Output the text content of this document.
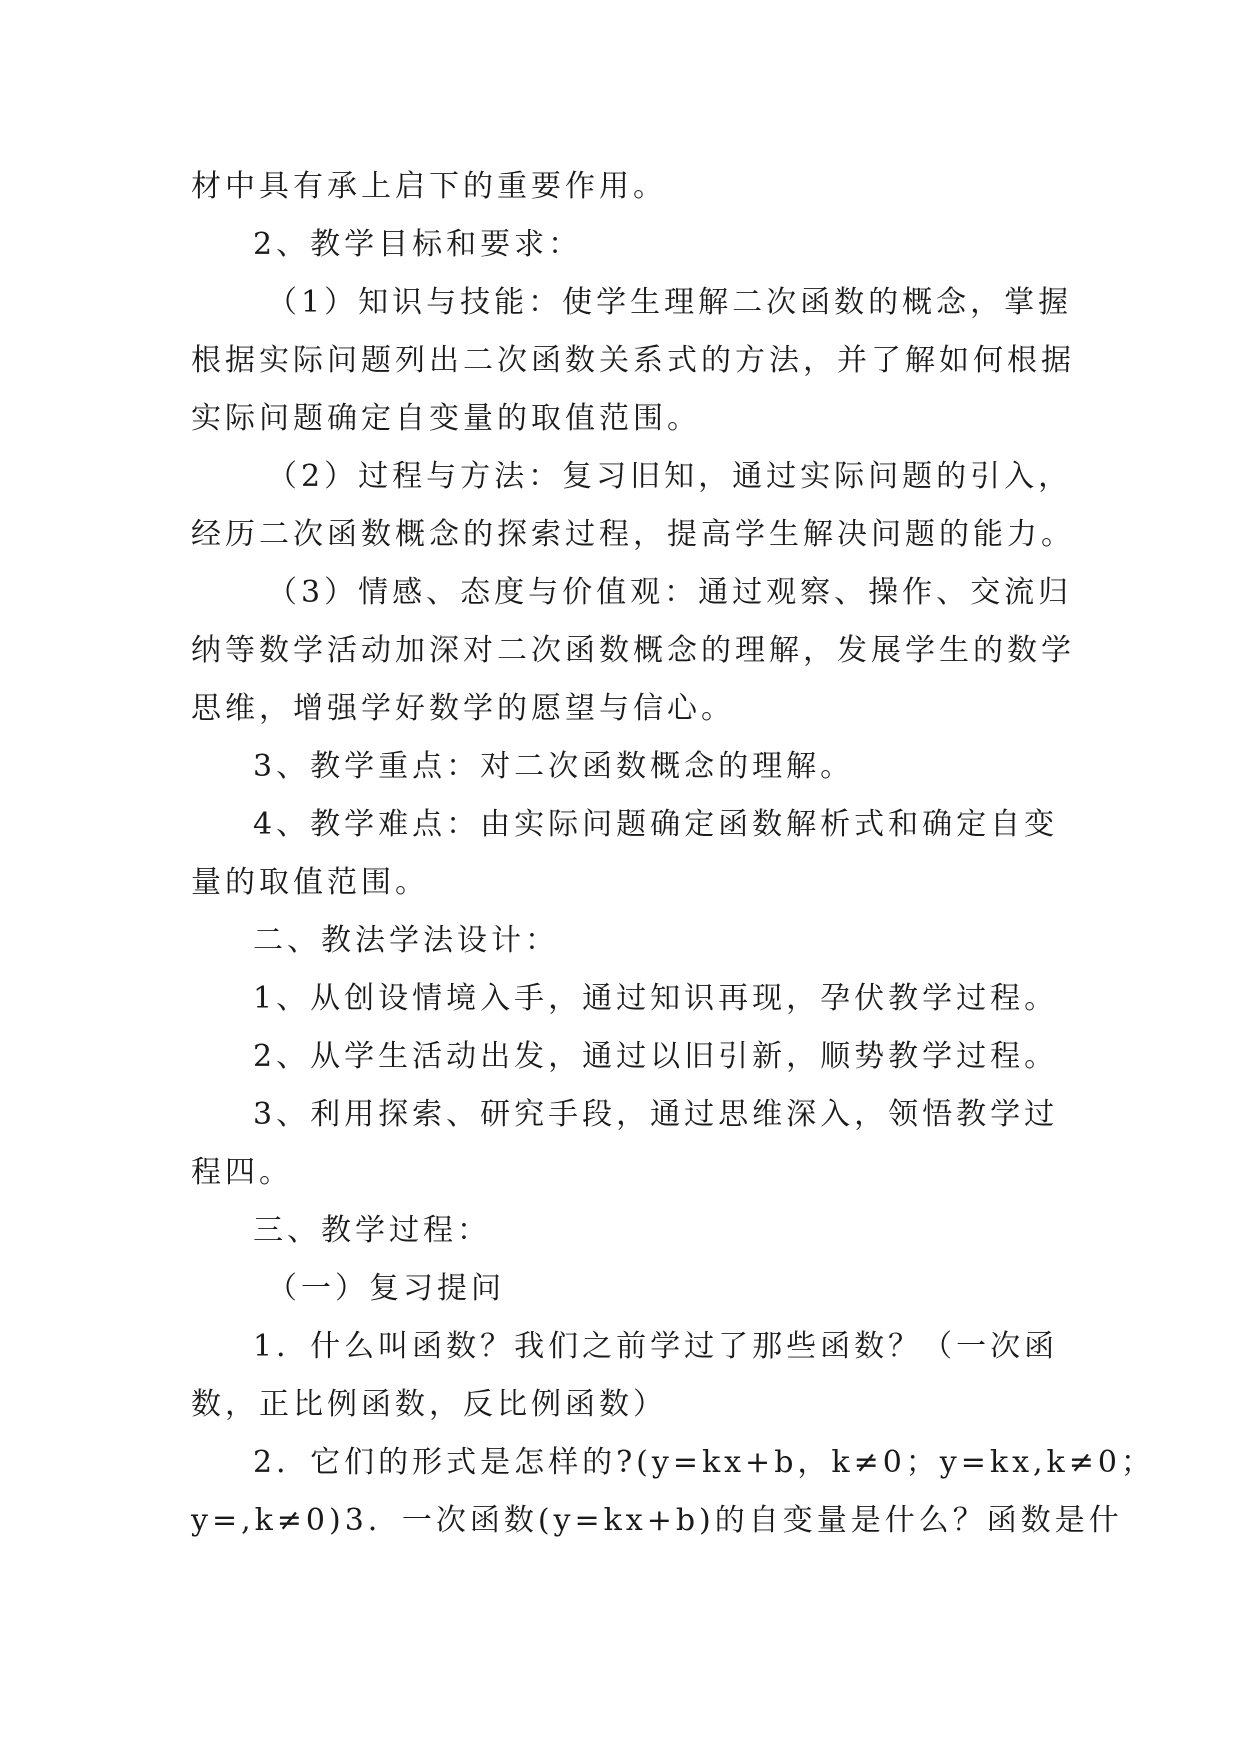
材中具有承上启下的重要作用。
2、教学目标和要求：
（1）知识与技能：使学生理解二次函数的概念，掌握
根据实际问题列出二次函数关系式的方法，并了解如何根据
实际问题确定自变量的取值范围。
（2）过程与方法：复习旧知，通过实际问题的引入，
经历二次函数概念的探索过程，提高学生解决问题的能力。
（3）情感、态度与价值观：通过观察、操作、交流归
纳等数学活动加深对二次函数概念的理解，发展学生的数学
思维，增强学好数学的愿望与信心。
3、教学重点：对二次函数概念的理解。
4、教学难点：由实际问题确定函数解析式和确定自变
量的取值范围。
二、教法学法设计：
1、从创设情境入手，通过知识再现，孕伏教学过程。
2、从学生活动出发，通过以旧引新，顺势教学过程。
3、利用探索、研究手段，通过思维深入，领悟教学过
程四。
三、教学过程：
（一）复习提问
1．什么叫函数？我们之前学过了那些函数？（一次函
数，正比例函数，反比例函数）
2．它们的形式是怎样的?(y=kx+b，k≠0；y=kx,k≠0；
y=,k≠0)3．一次函数(y=kx+b)的自变量是什么？函数是什
